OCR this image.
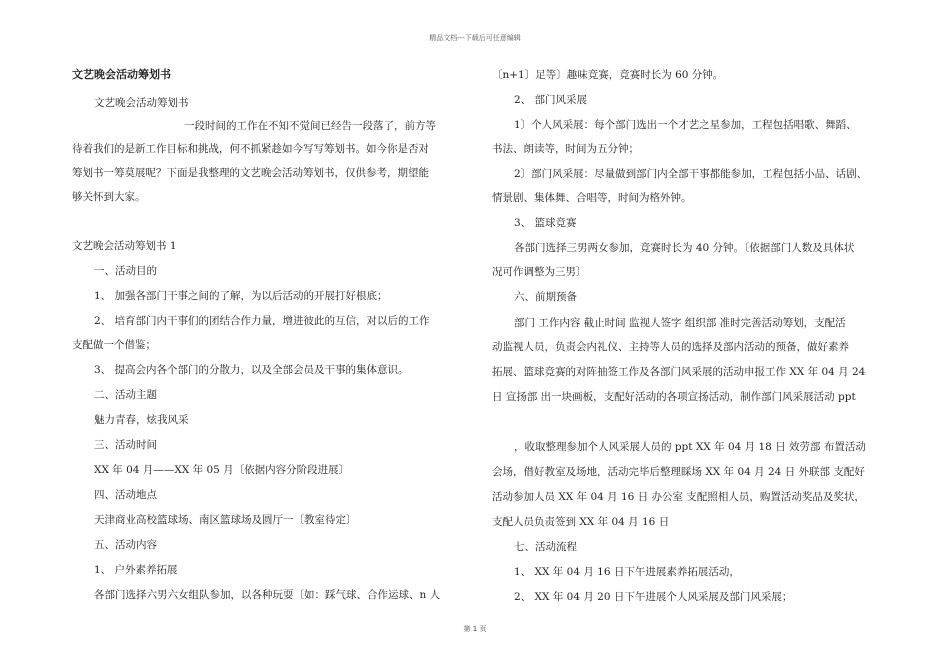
精品文档---下载后可任意编辑
文艺晚会活动筹划书
文艺晚会活动筹划书
一段时间的工作在不知不觉间已经告一段落了，前方等
待着我们的是新工作目标和挑战，何不抓紧趁如今写写筹划书。如今你是否对
筹划书一筹莫展呢？下面是我整理的文艺晚会活动筹划书，仅供参考，期望能
够关怀到大家。
文艺晚会活动筹划书 1
一、活动目的
1、 加强各部门干事之间的了解，为以后活动的开展打好根底；
2、 培育部门内干事们的团结合作力量，增进彼此的互信，对以后的工作
支配做一个借鉴；
3、 提高会内各个部门的分散力，以及全部会员及干事的集体意识。
二、活动主题
魅力青春，炫我风采
三、活动时间
XX 年 04 月——XX 年 05 月〔依据内容分阶段进展〕
四、活动地点
天津商业高校篮球场、南区篮球场及圆厅一〔教室待定〕
五、活动内容
1、 户外素养拓展
各部门选择六男六女组队参加，以各种玩耍〔如：踩气球、合作运球、n 人
〔n+1〕足等〕趣味竞赛，竞赛时长为 60 分钟。
2、 部门风采展
1〕个人风采展：每个部门选出一个才艺之星参加，工程包括唱歌、舞蹈、
书法、朗读等，时间为五分钟；
2〕部门风采展：尽量做到部门内全部干事都能参加，工程包括小品、话剧、
情景剧、集体舞、合唱等，时间为格外钟。
3、 篮球竞赛
各部门选择三男两女参加，竞赛时长为 40 分钟。〔依据部门人数及具体状
况可作调整为三男〕
六、前期预备
部门 工作内容 截止时间 监视人签字 组织部 准时完善活动筹划，支配活
动监视人员，负责会内礼仪、主持等人员的选择及部内活动的预备，做好素养
拓展、篮球竞赛的对阵抽签工作及各部门风采展的活动申报工作 XX 年 04 月 24
日 宣扬部 出一块画板，支配好活动的各项宣扬活动，制作部门风采展活动 ppt
，收取整理参加个人风采展人员的 ppt XX 年 04 月 18 日 效劳部 布置活动
会场，借好教室及场地，活动完毕后整理睬场 XX 年 04 月 24 日 外联部 支配好
活动参加人员 XX 年 04 月 16 日 办公室 支配照相人员，购置活动奖品及奖状，
支配人员负责签到 XX 年 04 月 16 日
七、活动流程
1、 XX 年 04 月 16 日下午进展素养拓展活动，
2、 XX 年 04 月 20 日下午进展个人风采展及部门风采展；
第 1 页
